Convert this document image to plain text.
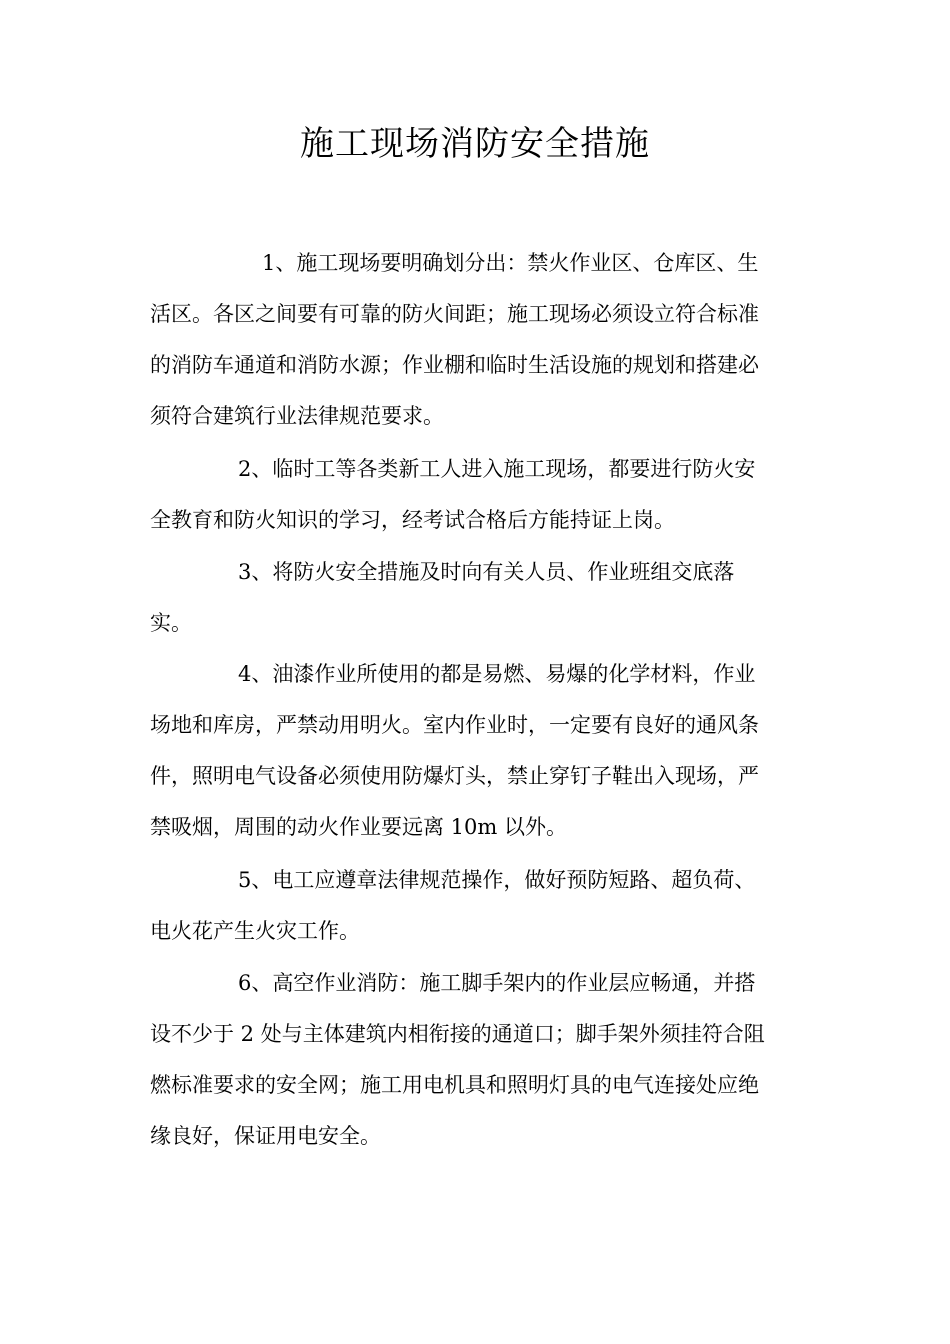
施工现场消防安全措施
1、施工现场要明确划分出：禁火作业区、仓库区、生
活区。各区之间要有可靠的防火间距；施工现场必须设立符合标准
的消防车通道和消防水源；作业棚和临时生活设施的规划和搭建必
须符合建筑行业法律规范要求。
2、临时工等各类新工人进入施工现场，都要进行防火安
全教育和防火知识的学习，经考试合格后方能持证上岗。
3、将防火安全措施及时向有关人员、作业班组交底落
实。
4、油漆作业所使用的都是易燃、易爆的化学材料，作业
场地和库房，严禁动用明火。室内作业时，一定要有良好的通风条
件，照明电气设备必须使用防爆灯头，禁止穿钉子鞋出入现场，严
禁吸烟，周围的动火作业要远离 10m 以外。
5、电工应遵章法律规范操作，做好预防短路、超负荷、
电火花产生火灾工作。
6、高空作业消防：施工脚手架内的作业层应畅通，并搭
设不少于 2 处与主体建筑内相衔接的通道口；脚手架外须挂符合阻
燃标准要求的安全网；施工用电机具和照明灯具的电气连接处应绝
缘良好，保证用电安全。
